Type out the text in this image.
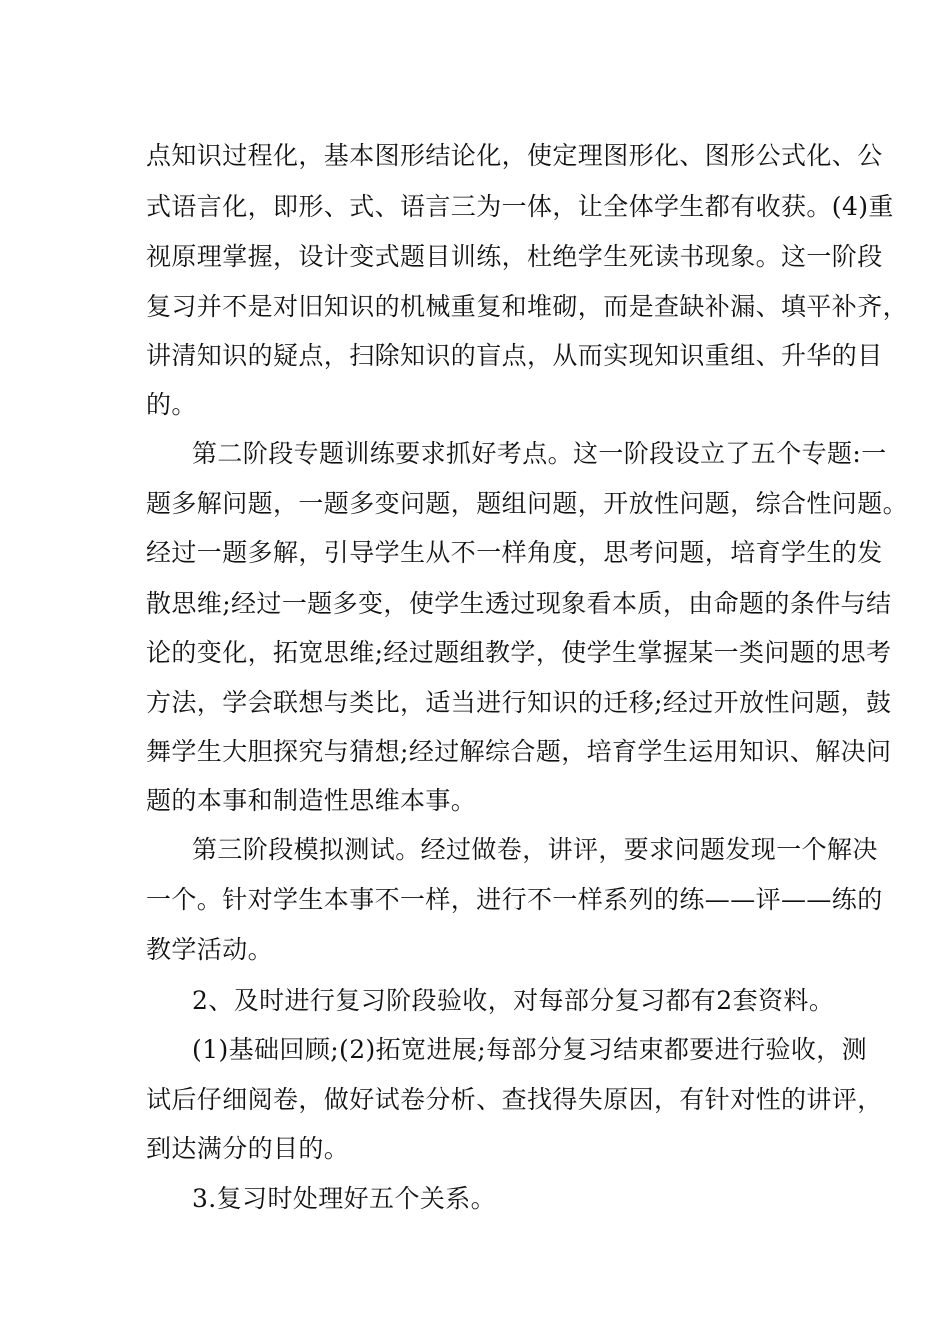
点知识过程化，基本图形结论化，使定理图形化、图形公式化、公
式语言化，即形、式、语言三为一体，让全体学生都有收获。(4)重
视原理掌握，设计变式题目训练，杜绝学生死读书现象。这一阶段
复习并不是对旧知识的机械重复和堆砌，而是查缺补漏、填平补齐，
讲清知识的疑点，扫除知识的盲点，从而实现知识重组、升华的目
的。
第二阶段专题训练要求抓好考点。这一阶段设立了五个专题:一
题多解问题，一题多变问题，题组问题，开放性问题，综合性问题。
经过一题多解，引导学生从不一样角度，思考问题，培育学生的发
散思维;经过一题多变，使学生透过现象看本质，由命题的条件与结
论的变化，拓宽思维;经过题组教学，使学生掌握某一类问题的思考
方法，学会联想与类比，适当进行知识的迁移;经过开放性问题，鼓
舞学生大胆探究与猜想;经过解综合题，培育学生运用知识、解决问
题的本事和制造性思维本事。
第三阶段模拟测试。经过做卷，讲评，要求问题发现一个解决
一个。针对学生本事不一样，进行不一样系列的练——评——练的
教学活动。
2、及时进行复习阶段验收，对每部分复习都有2套资料。
(1)基础回顾;(2)拓宽进展;每部分复习结束都要进行验收，测
试后仔细阅卷，做好试卷分析、查找得失原因，有针对性的讲评，
到达满分的目的。
3.复习时处理好五个关系。
